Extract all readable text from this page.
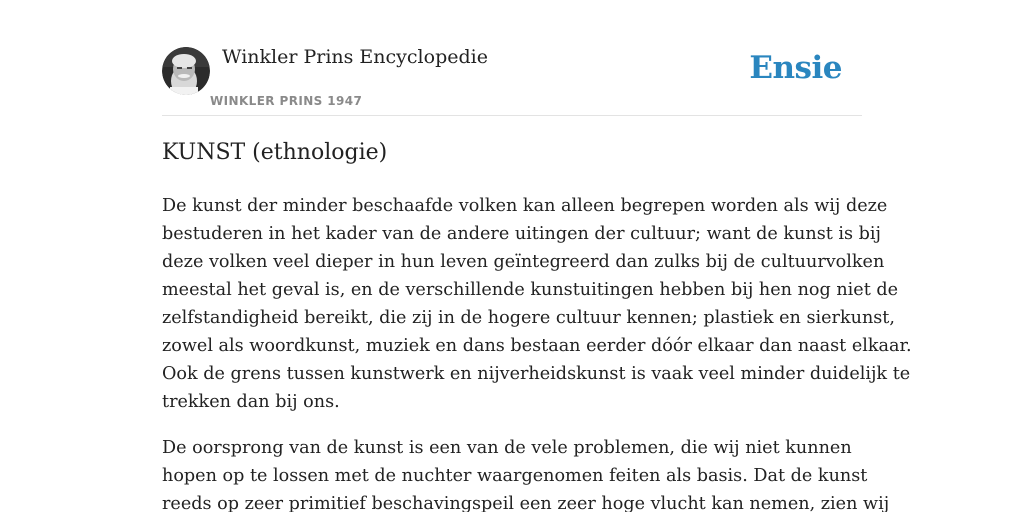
Winkler Prins Encyclopedie
WINKLER PRINS 1947
Ensie
KUNST (ethnologie)

De kunst der minder beschaafde volken kan alleen begrepen worden als wij deze
bestuderen in het kader van de andere uitingen der cultuur; want de kunst is bij
deze volken veel dieper in hun leven geïntegreerd dan zulks bij de cultuurvolken
meestal het geval is, en de verschillende kunstuitingen hebben bij hen nog niet de
zelfstandigheid bereikt, die zij in de hogere cultuur kennen; plastiek en sierkunst,
zowel als woordkunst, muziek en dans bestaan eerder dóór elkaar dan naast elkaar.
Ook de grens tussen kunstwerk en nijverheidskunst is vaak veel minder duidelijk te
trekken dan bij ons.

De oorsprong van de kunst is een van de vele problemen, die wij niet kunnen
hopen op te lossen met de nuchter waargenomen feiten als basis. Dat de kunst
reeds op zeer primitief beschavingspeil een zeer hoge vlucht kan nemen, zien wij
